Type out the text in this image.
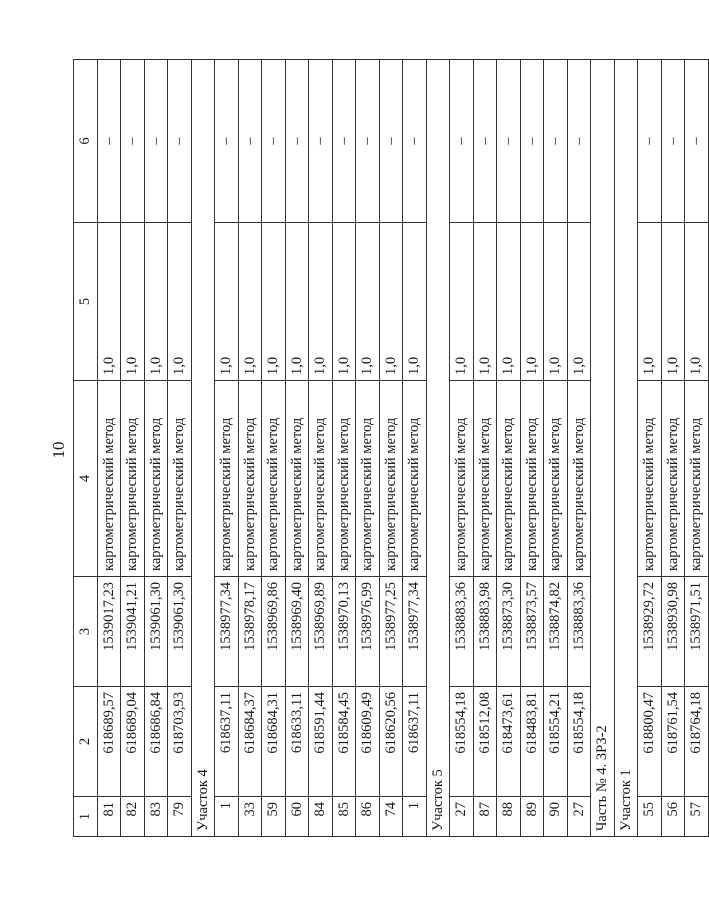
10
1	2	3	4	5	6
81	618689,57	1539017,23	картометрический метод	1,0	–
82	618689,04	1539041,21	картометрический метод	1,0	–
83	618686,84	1539061,30	картометрический метод	1,0	–
79	618703,93	1539061,30	картометрический метод	1,0	–
Участок 4					
1	618637,11	1538977,34	картометрический метод	1,0	–
33	618684,37	1538978,17	картометрический метод	1,0	–
59	618684,31	1538969,86	картометрический метод	1,0	–
60	618633,11	1538969,40	картометрический метод	1,0	–
84	618591,44	1538969,89	картометрический метод	1,0	–
85	618584,45	1538970,13	картометрический метод	1,0	–
86	618609,49	1538976,99	картометрический метод	1,0	–
74	618620,56	1538977,25	картометрический метод	1,0	–
1	618637,11	1538977,34	картометрический метод	1,0	–
Участок 5					
27	618554,18	1538883,36	картометрический метод	1,0	–
87	618512,08	1538883,98	картометрический метод	1,0	–
88	618473,61	1538873,30	картометрический метод	1,0	–
89	618483,81	1538873,57	картометрический метод	1,0	–
90	618554,21	1538874,82	картометрический метод	1,0	–
27	618554,18	1538883,36	картометрический метод	1,0	–
Часть № 4. ЗРЗ-2					
Участок 1					
55	618800,47	1538929,72	картометрический метод	1,0	–
56	618761,54	1538930,98	картометрический метод	1,0	–
57	618764,18	1538971,51	картометрический метод	1,0	–
